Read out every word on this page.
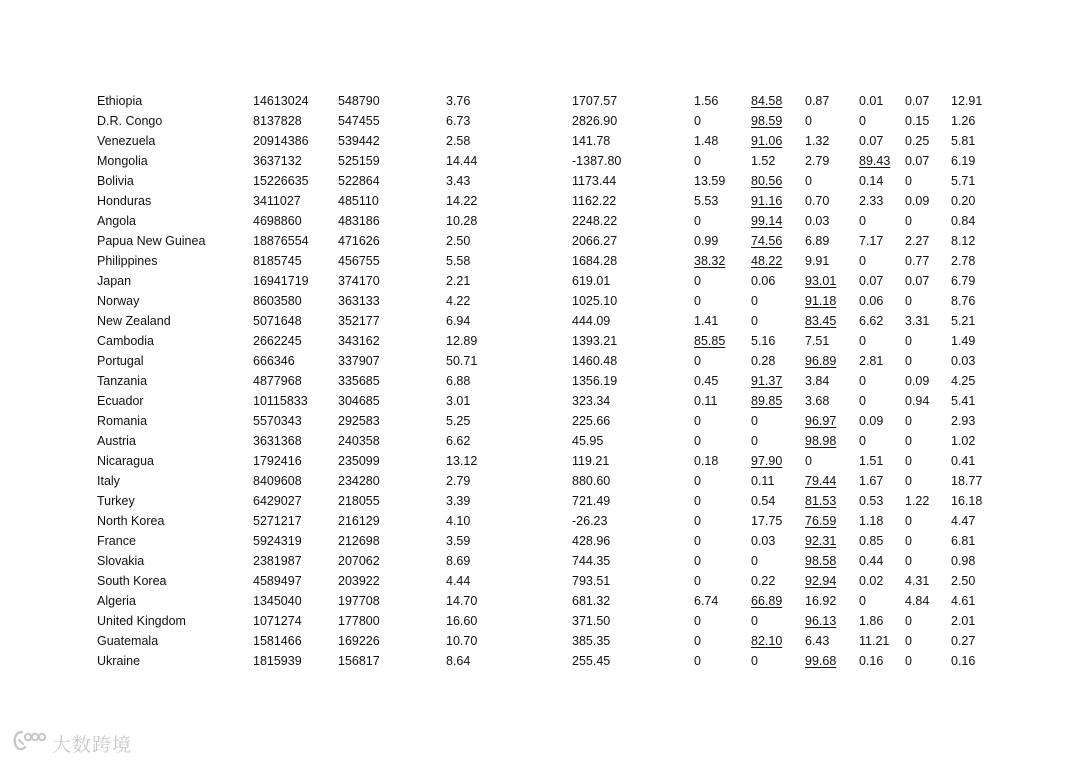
Ethiopia	14613024	548790	3.76	1707.57	1.56	84.58	0.87	0.01	0.07	12.91
D.R. Congo	8137828	547455	6.73	2826.90	0	98.59	0	0	0.15	1.26
Venezuela	20914386	539442	2.58	141.78	1.48	91.06	1.32	0.07	0.25	5.81
Mongolia	3637132	525159	14.44	-1387.80	0	1.52	2.79	89.43	0.07	6.19
Bolivia	15226635	522864	3.43	1173.44	13.59	80.56	0	0.14	0	5.71
Honduras	3411027	485110	14.22	1162.22	5.53	91.16	0.70	2.33	0.09	0.20
Angola	4698860	483186	10.28	2248.22	0	99.14	0.03	0	0	0.84
Papua New Guinea	18876554	471626	2.50	2066.27	0.99	74.56	6.89	7.17	2.27	8.12
Philippines	8185745	456755	5.58	1684.28	38.32	48.22	9.91	0	0.77	2.78
Japan	16941719	374170	2.21	619.01	0	0.06	93.01	0.07	0.07	6.79
Norway	8603580	363133	4.22	1025.10	0	0	91.18	0.06	0	8.76
New Zealand	5071648	352177	6.94	444.09	1.41	0	83.45	6.62	3.31	5.21
Cambodia	2662245	343162	12.89	1393.21	85.85	5.16	7.51	0	0	1.49
Portugal	666346	337907	50.71	1460.48	0	0.28	96.89	2.81	0	0.03
Tanzania	4877968	335685	6.88	1356.19	0.45	91.37	3.84	0	0.09	4.25
Ecuador	10115833	304685	3.01	323.34	0.11	89.85	3.68	0	0.94	5.41
Romania	5570343	292583	5.25	225.66	0	0	96.97	0.09	0	2.93
Austria	3631368	240358	6.62	45.95	0	0	98.98	0	0	1.02
Nicaragua	1792416	235099	13.12	119.21	0.18	97.90	0	1.51	0	0.41
Italy	8409608	234280	2.79	880.60	0	0.11	79.44	1.67	0	18.77
Turkey	6429027	218055	3.39	721.49	0	0.54	81.53	0.53	1.22	16.18
North Korea	5271217	216129	4.10	-26.23	0	17.75	76.59	1.18	0	4.47
France	5924319	212698	3.59	428.96	0	0.03	92.31	0.85	0	6.81
Slovakia	2381987	207062	8.69	744.35	0	0	98.58	0.44	0	0.98
South Korea	4589497	203922	4.44	793.51	0	0.22	92.94	0.02	4.31	2.50
Algeria	1345040	197708	14.70	681.32	6.74	66.89	16.92	0	4.84	4.61
United Kingdom	1071274	177800	16.60	371.50	0	0	96.13	1.86	0	2.01
Guatemala	1581466	169226	10.70	385.35	0	82.10	6.43	11.21	0	0.27
Ukraine	1815939	156817	8.64	255.45	0	0	99.68	0.16	0	0.16
大数跨境
